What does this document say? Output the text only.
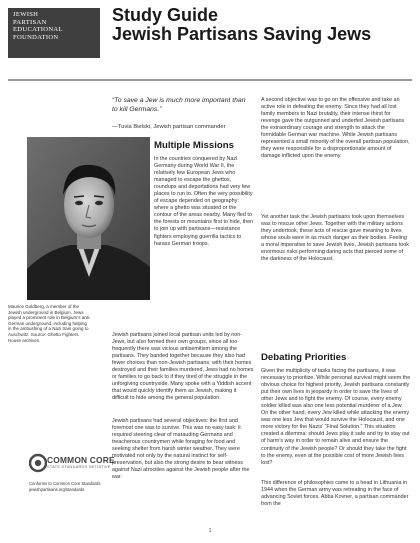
JEWISH
PARTISAN
EDUCATIONAL
FOUNDATION
Study Guide
Jewish Partisans Saving Jews
“To save a Jew is much more important than to kill Germans.”
—Tuvia Bielski, Jewish partisan commander
Maurice Goldberg, a member of the Jewish underground in Belgium. Jews played a prominent role in Belgium’s anti-German underground, including helping in the ambushing of a Nazi train going to Auschwitz. Source: Ghetto Fighters House archives.
Multiple Missions
In the countries conquered by Nazi Germany during World War II, the relatively few European Jews who managed to escape the ghettos, roundups and deportations had very few places to run to. Often the very possibility of escape depended on geography: where a ghetto was situated or the contour of the areas nearby. Many fled to the forests or mountains first to hide, then to join up with partisans—resistance fighters employing guerrilla tactics to harass German troops.
Jewish partisans joined local partisan units led by non-Jews, but also formed their own groups, since all too frequently there was vicious antisemitism among the partisans. They banded together because they also had fewer choices than non-Jewish partisans: with their homes destroyed and their families murdered, Jews had no homes or families to go back to if they tired of the struggle in the unforgiving countryside. Many spoke with a Yiddish accent that would quickly identify them as Jewish, making it difficult to hide among the general population.
Jewish partisans had several objectives: the first and foremost one was to survive. This was no easy task: it required steering clear of marauding Germans and treacherous countrymen while foraging for food and seeking shelter from harsh winter weather. They were motivated not only by the natural instinct for self-preservation, but also the strong desire to bear witness against Nazi atrocities against the Jewish people after the war.
A second objective was to go on the offensive and take an active role in defeating the enemy. Since they had all lost family members to Nazi brutality, their intense thirst for revenge gave the outgunned and underfed Jewish partisans the extraordinary courage and strength to attack the formidable German war machine. While Jewish partisans represented a small minority of the overall partisan population, they were responsible for a disproportionate amount of damage inflicted upon the enemy.
Yet another task the Jewish partisans took upon themselves was to rescue other Jews. Together with the military actions they undertook, these acts of rescue gave meaning to lives whose souls were in as much danger as their bodies. Feeling a moral imperative to save Jewish lives, Jewish partisans took enormous risks performing daring acts that pierced some of the darkness of the Holocaust.
Debating Priorities
Given the multiplicity of tasks facing the partisans, it was necessary to prioritize. While personal survival might seem the obvious choice for highest priority, Jewish partisans constantly put their own lives in jeopardy in order to save the lives of other Jews and to fight the enemy. Of course, every enemy soldier killed was also one less potential murderer of a Jew. On the other hand, every Jew killed while attacking the enemy was one less Jew that would survive the Holocaust, and one more victory for the Nazis’ “Final Solution.” This situation created a dilemma: should Jews play it safe and try to stay out of harm’s way in order to remain alive and ensure the continuity of the Jewish people? Or should they take the fight to the enemy, even at the possible cost of more Jewish lives lost?
This difference of philosophies came to a head in Lithuania in 1944 when the German army was retreating in the face of advancing Soviet forces. Abba Kovner, a partisan commander from the
COMMON CORE
STATE STANDARDS INITIATIVE
Conforms to Common Core Standards
jewishpartisans.org/standards
1
